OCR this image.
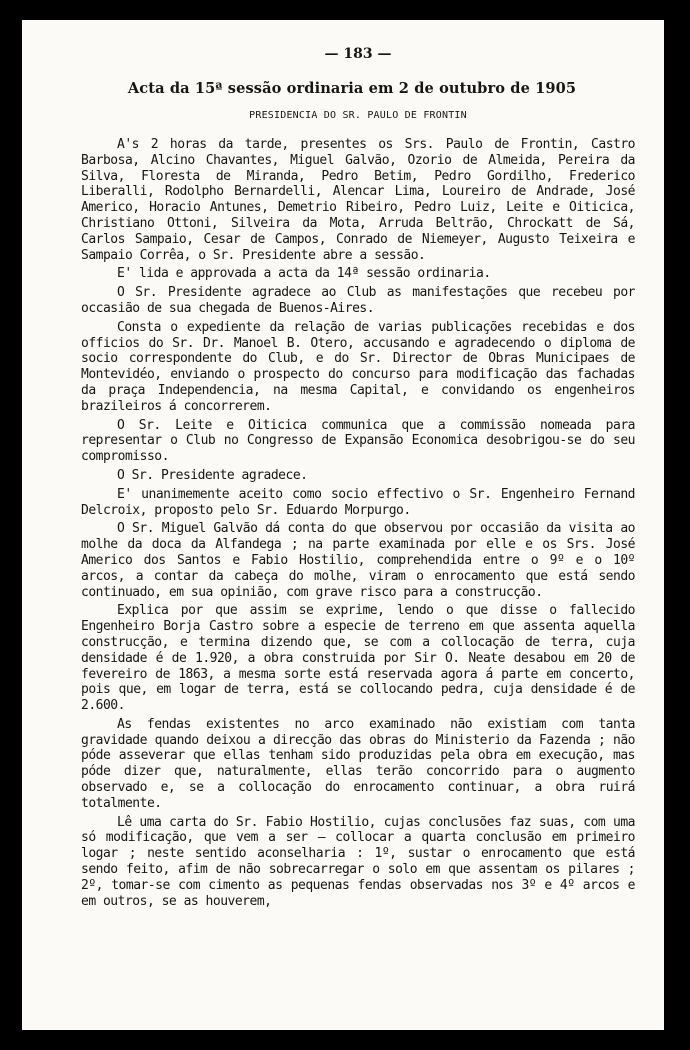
— 183 —
Acta da 15ª sessão ordinaria em 2 de outubro de 1905
PRESIDENCIA DO SR. PAULO DE FRONTIN

A's 2 horas da tarde, presentes os Srs. Paulo de Frontin, Castro Barbosa, Alcino Chavantes, Miguel Galvão, Ozorio de Almeida, Pereira da Silva, Floresta de Miranda, Pedro Betim, Pedro Gordilho, Frederico Liberalli, Rodolpho Bernardelli, Alencar Lima, Loureiro de Andrade, José Americo, Horacio Antunes, Demetrio Ribeiro, Pedro Luiz, Leite e Oiticica, Christiano Ottoni, Silveira da Mota, Arruda Beltrão, Chrockatt de Sá, Carlos Sampaio, Cesar de Campos, Conrado de Niemeyer, Augusto Teixeira e Sampaio Corrêa, o Sr. Presidente abre a sessão.

E' lida e approvada a acta da 14ª sessão ordinaria.

O Sr. Presidente agradece ao Club as manifestações que recebeu por occasião de sua chegada de Buenos-Aires.

Consta o expediente da relação de varias publicações recebidas e dos officios do Sr. Dr. Manoel B. Otero, accusando e agradecendo o diploma de socio correspondente do Club, e do Sr. Director de Obras Municipaes de Montevidéo, enviando o prospecto do concurso para modificação das fachadas da praça Independencia, na mesma Capital, e convidando os engenheiros brazileiros á concorrerem.

O Sr. Leite e Oiticica communica que a commissão nomeada para representar o Club no Congresso de Expansão Economica desobrigou-se do seu compromisso.

O Sr. Presidente agradece.

E' unanimemente aceito como socio effectivo o Sr. Engenheiro Fernand Delcroix, proposto pelo Sr. Eduardo Morpurgo.

O Sr. Miguel Galvão dá conta do que observou por occasião da visita ao molhe da doca da Alfandega ; na parte examinada por elle e os Srs. José Americo dos Santos e Fabio Hostilio, comprehendida entre o 9º e o 10º arcos, a contar da cabeça do molhe, viram o enrocamento que está sendo continuado, em sua opinião, com grave risco para a construcção.

Explica por que assim se exprime, lendo o que disse o fallecido Engenheiro Borja Castro sobre a especie de terreno em que assenta aquella construcção, e termina dizendo que, se com a collocação de terra, cuja densidade é de 1.920, a obra construida por Sir O. Neate desabou em 20 de fevereiro de 1863, a mesma sorte está reservada agora á parte em concerto, pois que, em logar de terra, está se collocando pedra, cuja densidade é de 2.600.

As fendas existentes no arco examinado não existiam com tanta gravidade quando deixou a direcção das obras do Ministerio da Fazenda ; não póde asseverar que ellas tenham sido produzidas pela obra em execução, mas póde dizer que, naturalmente, ellas terão concorrido para o augmento observado e, se a collocação do enrocamento continuar, a obra ruirá totalmente.

Lê uma carta do Sr. Fabio Hostilio, cujas conclusões faz suas, com uma só modificação, que vem a ser — collocar a quarta conclusão em primeiro logar ; neste sentido aconselharia : 1º, sustar o enrocamento que está sendo feito, afim de não sobrecarregar o solo em que assentam os pilares ; 2º, tomar-se com cimento as pequenas fendas observadas nos 3º e 4º arcos e em outros, se as houverem,
